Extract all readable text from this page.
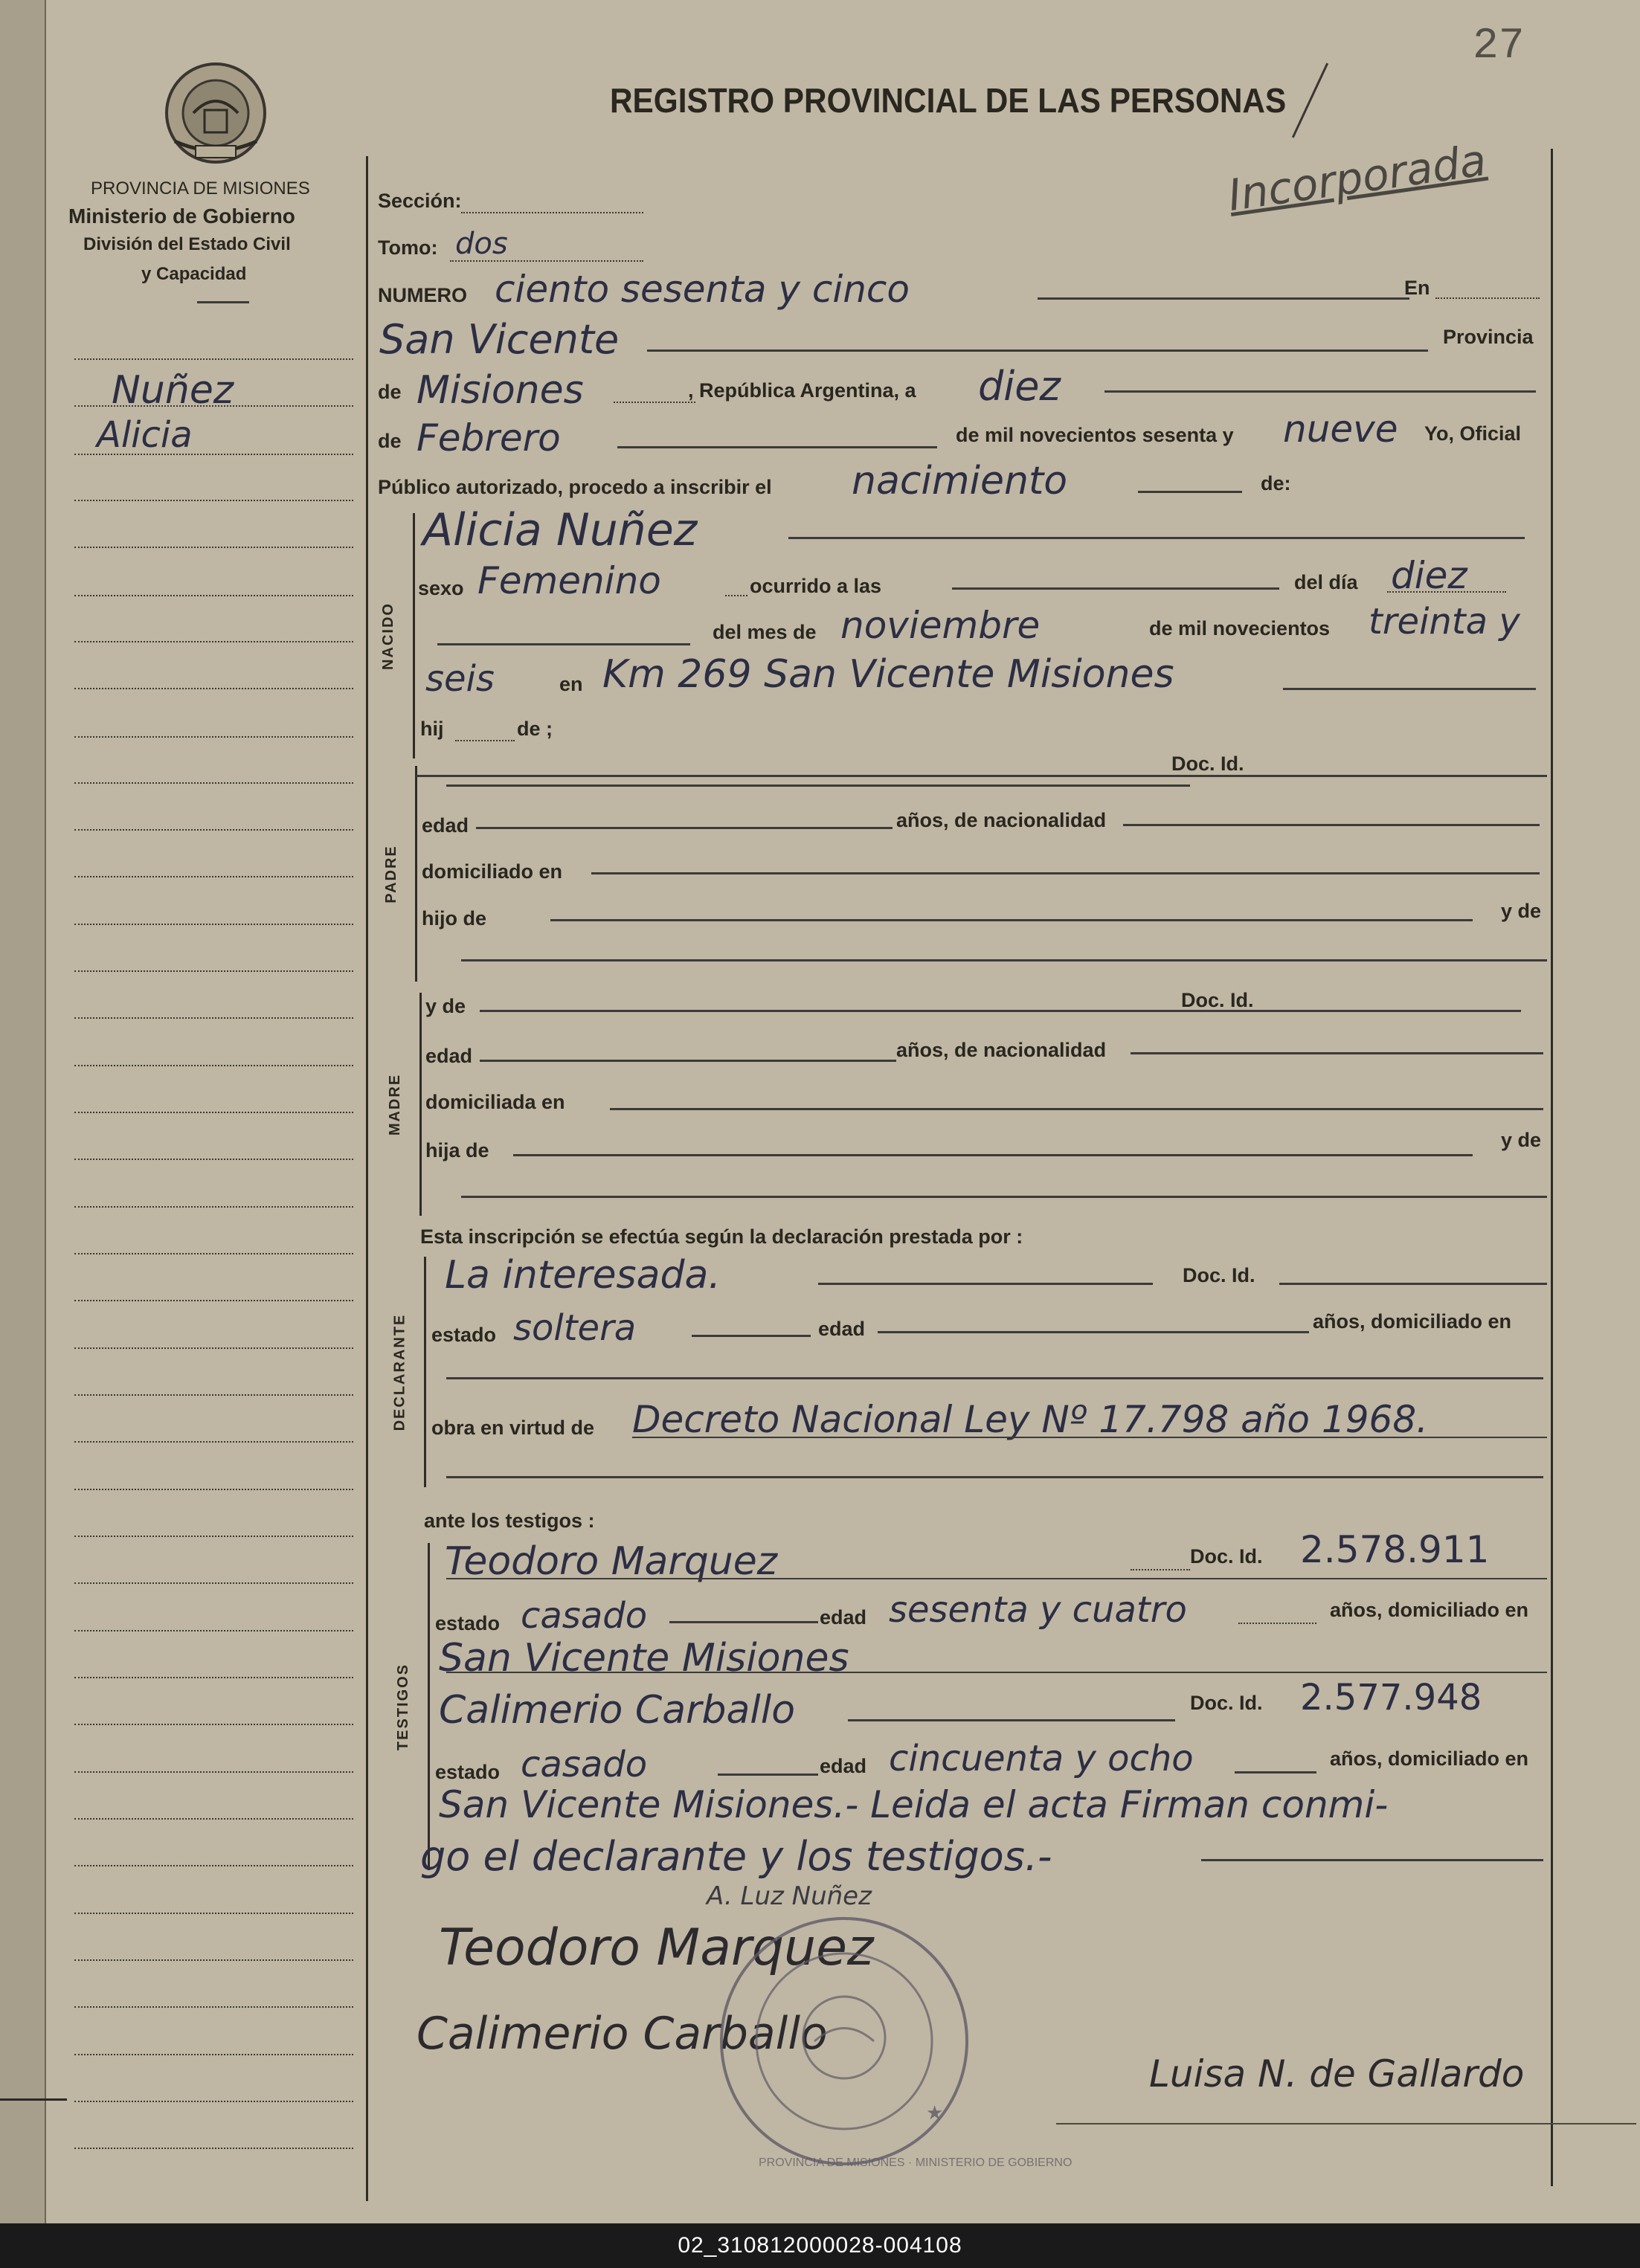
27
REGISTRO PROVINCIAL DE LAS PERSONAS
Incorporada
PROVINCIA DE MISIONES
Ministerio de Gobierno
División del Estado Civil
y Capacidad
Nuñez
Alicia
Sección:
Tomo: dos
NUMERO ciento sesenta y cinco	En
San Vicente	Provincia
de Misiones	, República Argentina, a diez
de Febrero	de mil novecientos sesenta y nueve Yo, Oficial
Público autorizado, procedo a inscribir el nacimiento	de:
NACIDO
Alicia Nuñez
sexo Femenino	ocurrido a las	del día diez
del mes de noviembre	de mil novecientos treinta y
seis	en Km 269 San Vicente Misiones
hij	de ;
PADRE
Doc. Id.
edad	años, de nacionalidad
domiciliado en
hijo de	y de
MADRE
y de	Doc. Id.
edad	años, de nacionalidad
domiciliada en
hija de	y de
Esta inscripción se efectúa según la declaración prestada por :
DECLARANTE
La interesada.	Doc. Id.
estado soltera	edad	años, domiciliado en
obra en virtud de Decreto Nacional Ley Nº 17.798 año 1968.
ante los testigos :
TESTIGOS
Teodoro Marquez	Doc. Id. 2.578.911
estado casado	edad sesenta y cuatro	años, domiciliado en
San Vicente Misiones
Calimerio Carballo	Doc. Id. 2.577.948
estado casado	edad cincuenta y ocho	años, domiciliado en
San Vicente Misiones.- Leida el acta Firman conmi-
go el declarante y los testigos.-
A. Luz Nuñez
Teodoro Marquez
Calimerio Carballo
Luisa N. de Gallardo
★
PROVINCIA DE MISIONES · MINISTERIO DE GOBIERNO
02_310812000028-004108
